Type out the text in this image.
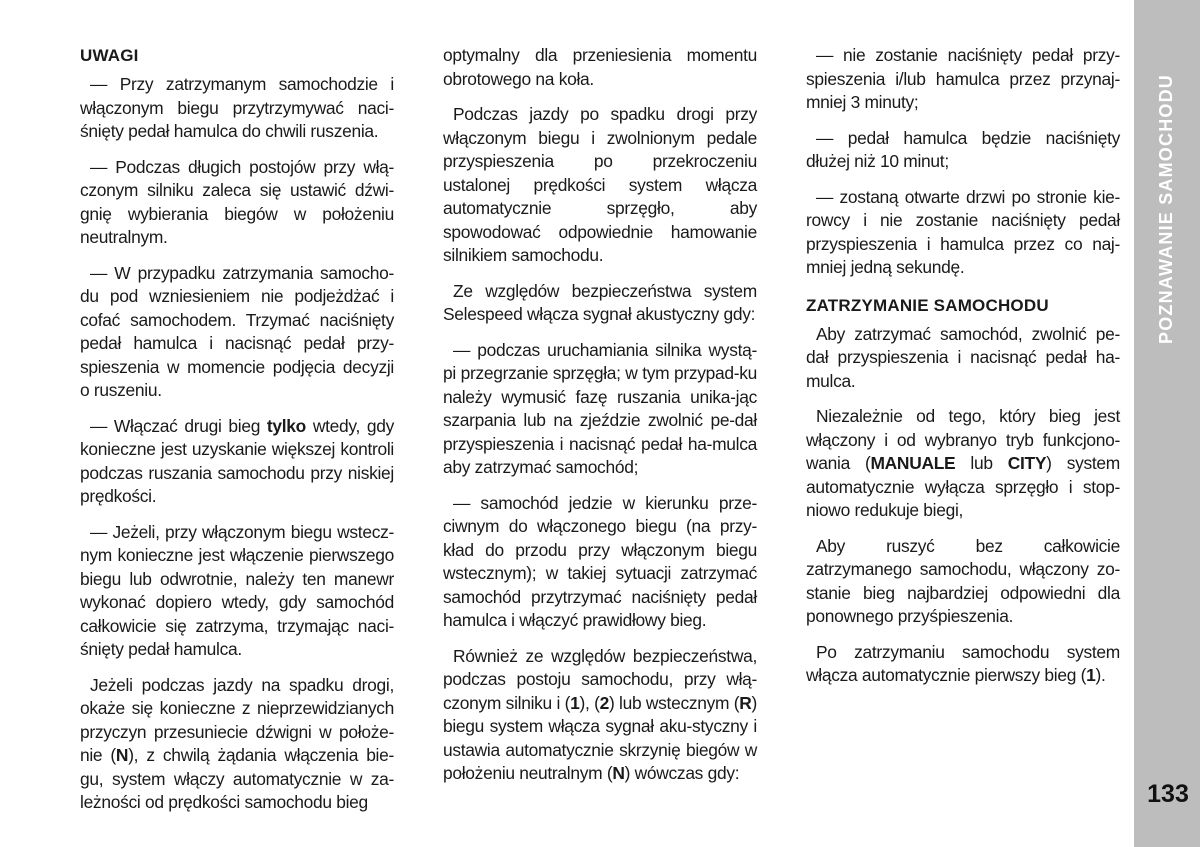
UWAGI

— Przy zatrzymanym samochodzie i włączonym biegu przytrzymywać naci-śnięty pedał hamulca do chwili ruszenia.

— Podczas długich postojów przy włą-czonym silniku zaleca się ustawić dźwi-gnię wybierania biegów w położeniu neutralnym.

— W przypadku zatrzymania samocho-du pod wzniesieniem nie podjeżdżać i cofać samochodem. Trzymać naciśnięty pedał hamulca i nacisnąć pedał przy-spieszenia w momencie podjęcia decyzji o ruszeniu.

— Włączać drugi bieg tylko wtedy, gdy konieczne jest uzyskanie większej kontroli podczas ruszania samochodu przy niskiej prędkości.

— Jeżeli, przy włączonym biegu wstecz-nym konieczne jest włączenie pierwszego biegu lub odwrotnie, należy ten manewr wykonać dopiero wtedy, gdy samochód całkowicie się zatrzyma, trzymając naci-śnięty pedał hamulca.

Jeżeli podczas jazdy na spadku drogi, okaże się konieczne z nieprzewidzianych przyczyn przesuniecie dźwigni w położe-nie (N), z chwilą żądania włączenia bie-gu, system włączy automatycznie w za-leżności od prędkości samochodu bieg

optymalny dla przeniesienia momentu obrotowego na koła.

Podczas jazdy po spadku drogi przy włączonym biegu i zwolnionym pedale przyspieszenia po przekroczeniu ustalonej prędkości system włącza automatycznie sprzęgło, aby spowodować odpowiednie hamowanie silnikiem samochodu.

Ze względów bezpieczeństwa system Selespeed włącza sygnał akustyczny gdy:

— podczas uruchamiania silnika wystą-pi przegrzanie sprzęgła; w tym przypad-ku należy wymusić fazę ruszania unika-jąc szarpania lub na zjeździe zwolnić pe-dał przyspieszenia i nacisnąć pedał ha-mulca aby zatrzymać samochód;

— samochód jedzie w kierunku prze-ciwnym do włączonego biegu (na przy-kład do przodu przy włączonym biegu wstecznym); w takiej sytuacji zatrzymać samochód przytrzymać naciśnięty pedał hamulca i włączyć prawidłowy bieg.

Również ze względów bezpieczeństwa, podczas postoju samochodu, przy włą-czonym silniku i (1), (2) lub wstecznym (R) biegu system włącza sygnał aku-styczny i ustawia automatycznie skrzynię biegów w położeniu neutralnym (N) wówczas gdy:

— nie zostanie naciśnięty pedał przy-spieszenia i/lub hamulca przez przynaj-mniej 3 minuty;

— pedał hamulca będzie naciśnięty dłużej niż 10 minut;

— zostaną otwarte drzwi po stronie kie-rowcy i nie zostanie naciśnięty pedał przyspieszenia i hamulca przez co naj-mniej jedną sekundę.

ZATRZYMANIE SAMOCHODU

Aby zatrzymać samochód, zwolnić pe-dał przyspieszenia i nacisnąć pedał ha-mulca.

Niezależnie od tego, który bieg jest włączony i od wybranyo tryb funkcjono-wania (MANUALE lub CITY) system automatycznie wyłącza sprzęgło i stop-niowo redukuje biegi,

Aby ruszyć bez całkowicie zatrzymanego samochodu, włączony zo-stanie bieg najbardziej odpowiedni dla ponownego przyśpieszenia.

Po zatrzymaniu samochodu system włącza automatycznie pierwszy bieg (1).

POZNAWANIE SAMOCHODU
133
